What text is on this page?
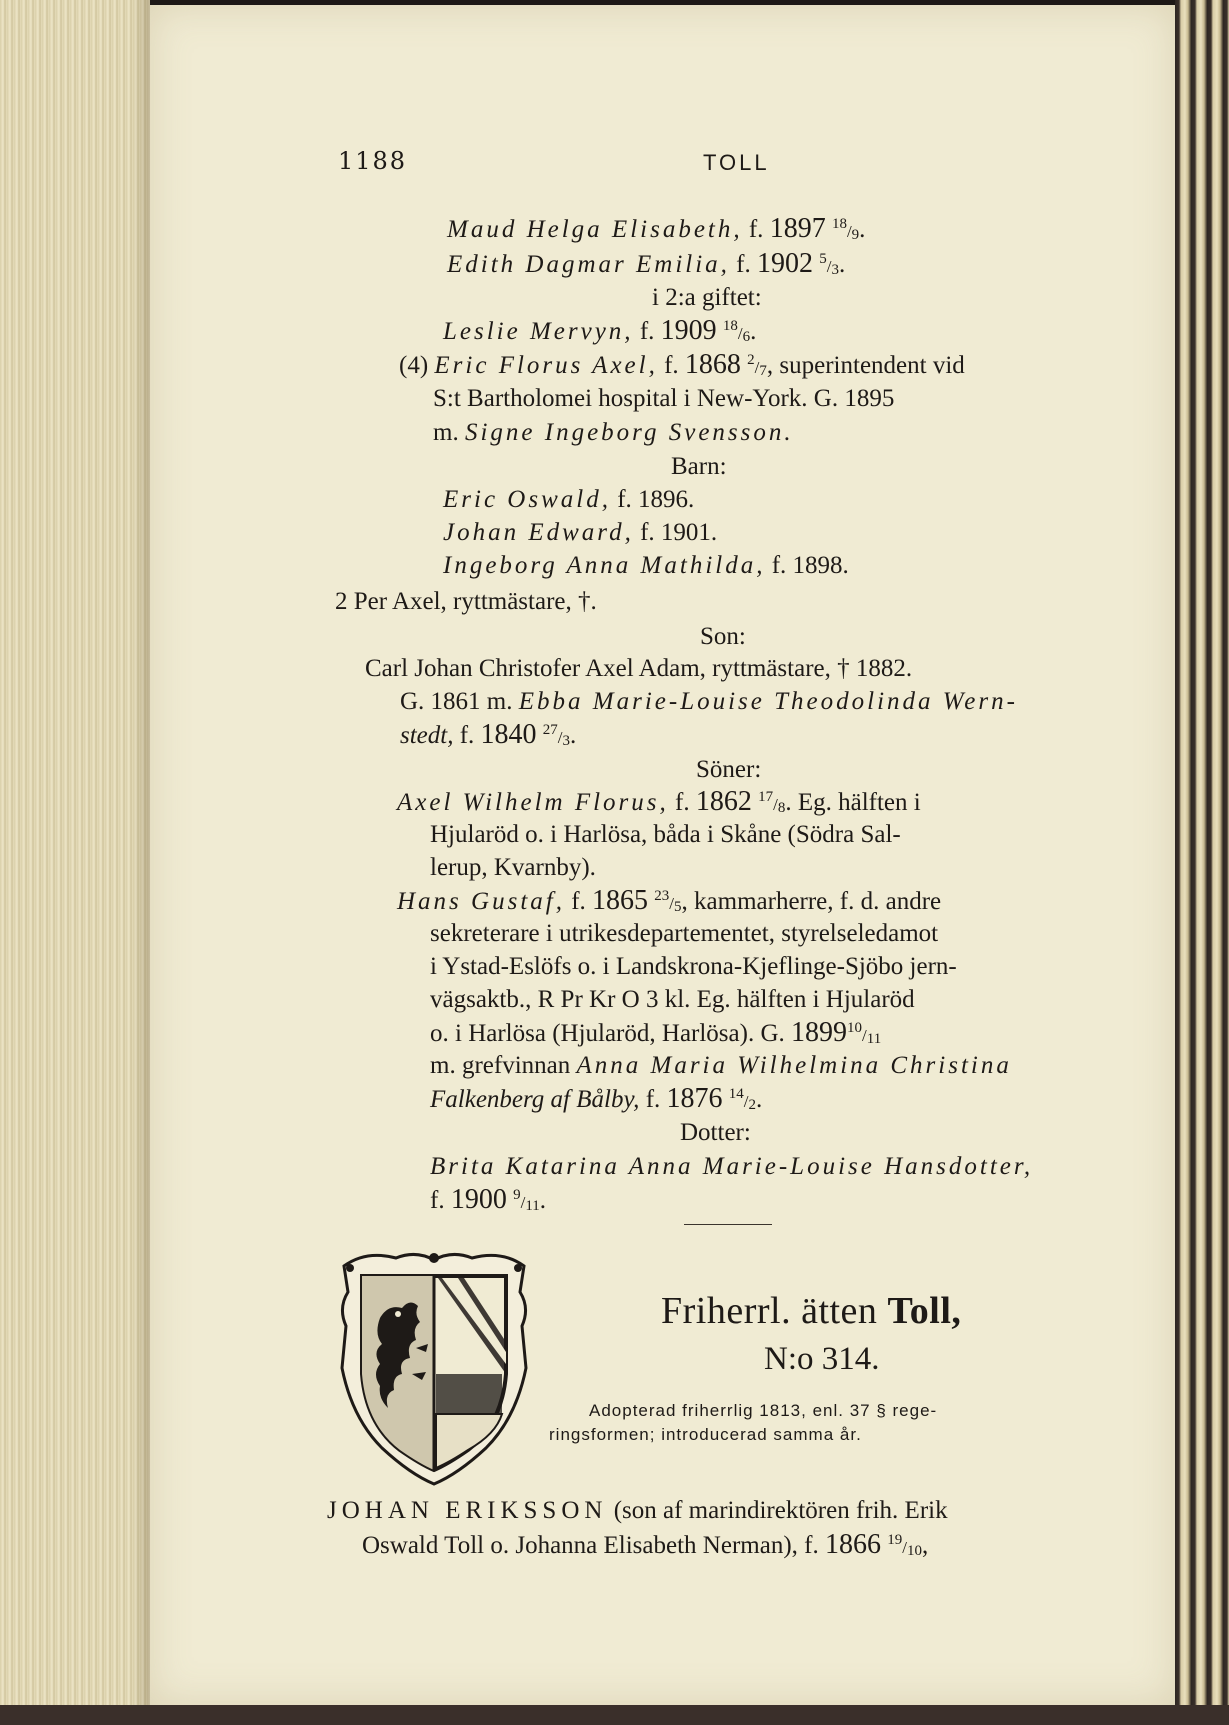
1188	TOLL
Maud Helga Elisabeth, f. 1897 $^{18}/_9$.
Edith Dagmar Emilia, f. 1902 $^5/_3$.
i 2:a giftet:
Leslie Mervyn, f. 1909 $^{18}/_6$.
(4) Eric Florus Axel, f. 1868 $^2/_7$, superintendent vid
S:t Bartholomei hospital i New-York. G. 1895
m. Signe Ingeborg Svensson.
Barn:
Eric Oswald, f. 1896.
Johan Edward, f. 1901.
Ingeborg Anna Mathilda, f. 1898.
2 Per Axel, ryttmästare, †.
Son:
Carl Johan Christofer Axel Adam, ryttmästare, † 1882.
G. 1861 m. Ebba Marie-Louise Theodolinda Wern-
stedt, f. 1840 $^{27}/_3$.
Söner:
Axel Wilhelm Florus, f. 1862 $^{17}/_8$. Eg. hälften i
Hjularöd o. i Harlösa, båda i Skåne (Södra Sal-
lerup, Kvarnby).
Hans Gustaf, f. 1865 $^{23}/_5$, kammarherre, f. d. andre
sekreterare i utrikesdepartementet, styrelseledamot
i Ystad-Eslöfs o. i Landskrona-Kjeflinge-Sjöbo jern-
vägsaktb., R Pr Kr O 3 kl. Eg. hälften i Hjularöd
o. i Harlösa (Hjularöd, Harlösa). G. $1899^{10}/_{11}$
m. grefvinnan Anna Maria Wilhelmina Christina
Falkenberg af Bålby, f. 1876 $^{14}/_2$.
Dotter:
Brita Katarina Anna Marie-Louise Hansdotter,
f. 1900 $^9/_{11}$.
Friherrl. ätten Toll,
N:o 314.
Adopterad friherrlig 1813, enl. 37 § rege-
ringsformen; introducerad samma år.
JOHAN ERIKSSON (son af marindirektören frih. Erik
Oswald Toll o. Johanna Elisabeth Nerman), f. 1866 $^{19}/_{10}$,
